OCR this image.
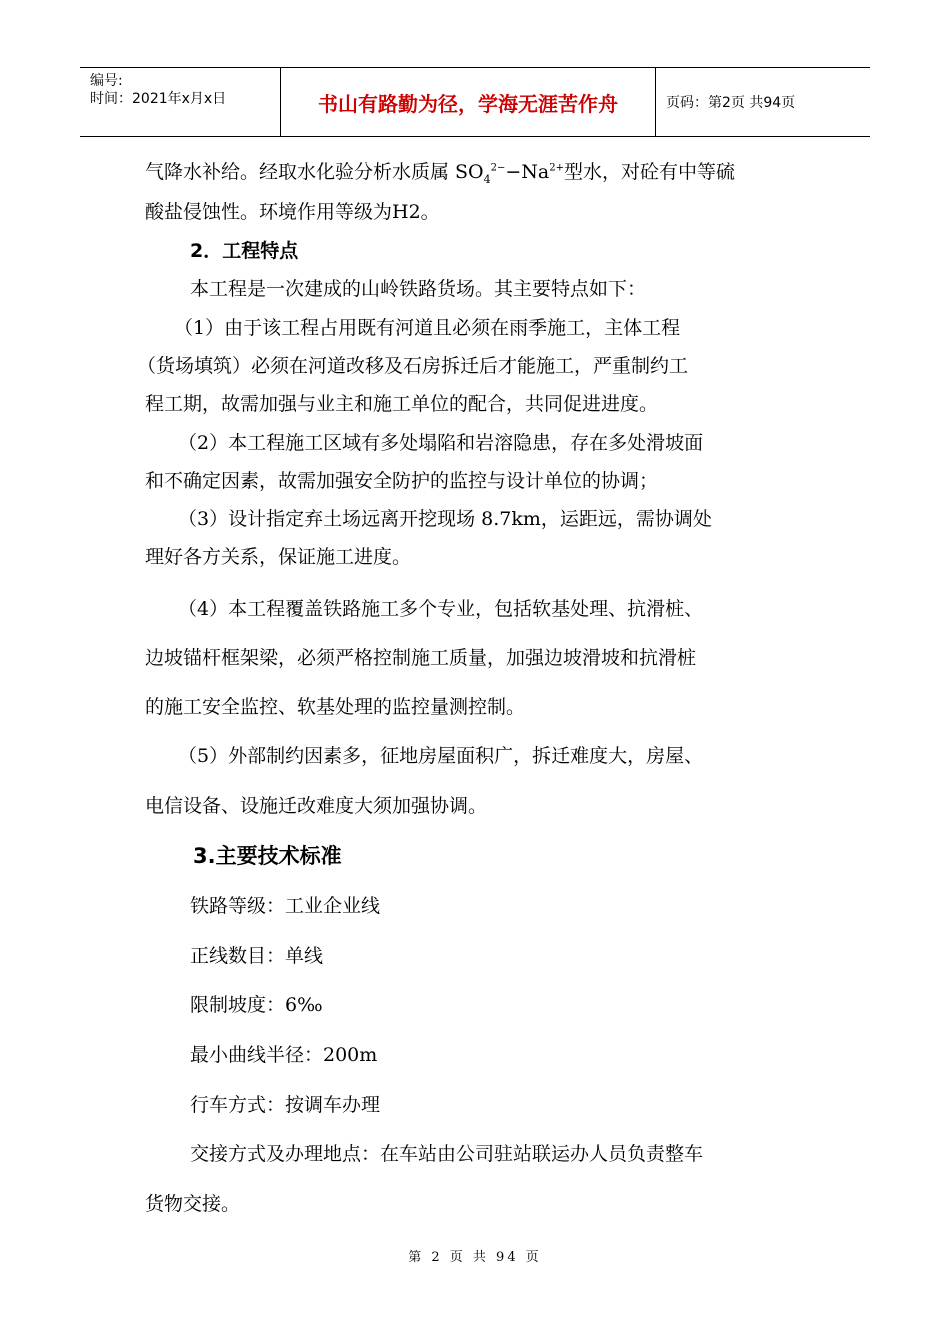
编号:
时间：2021年x月x日	书山有路勤为径，学海无涯苦作舟	页码：第2页 共94页
气降水补给。经取水化验分析水质属 $SO_4^{2-}-Na^{2+}$型水，对砼有中等硫
酸盐侵蚀性。环境作用等级为H2。
2．工程特点
本工程是一次建成的山岭铁路货场。其主要特点如下：
（1）由于该工程占用既有河道且必须在雨季施工，主体工程
（货场填筑）必须在河道改移及石房拆迁后才能施工，严重制约工
程工期，故需加强与业主和施工单位的配合，共同促进进度。
（2）本工程施工区域有多处塌陷和岩溶隐患，存在多处滑坡面
和不确定因素，故需加强安全防护的监控与设计单位的协调；
（3）设计指定弃土场远离开挖现场 8.7km，运距远，需协调处
理好各方关系，保证施工进度。
（4）本工程覆盖铁路施工多个专业，包括软基处理、抗滑桩、
边坡锚杆框架梁，必须严格控制施工质量，加强边坡滑坡和抗滑桩
的施工安全监控、软基处理的监控量测控制。
（5）外部制约因素多，征地房屋面积广，拆迁难度大，房屋、
电信设备、设施迁改难度大须加强协调。
3.主要技术标准
铁路等级：工业企业线
正线数目：单线
限制坡度：6‰
最小曲线半径：200m
行车方式：按调车办理
交接方式及办理地点：在车站由公司驻站联运办人员负责整车
货物交接。
第 2 页 共 94 页
